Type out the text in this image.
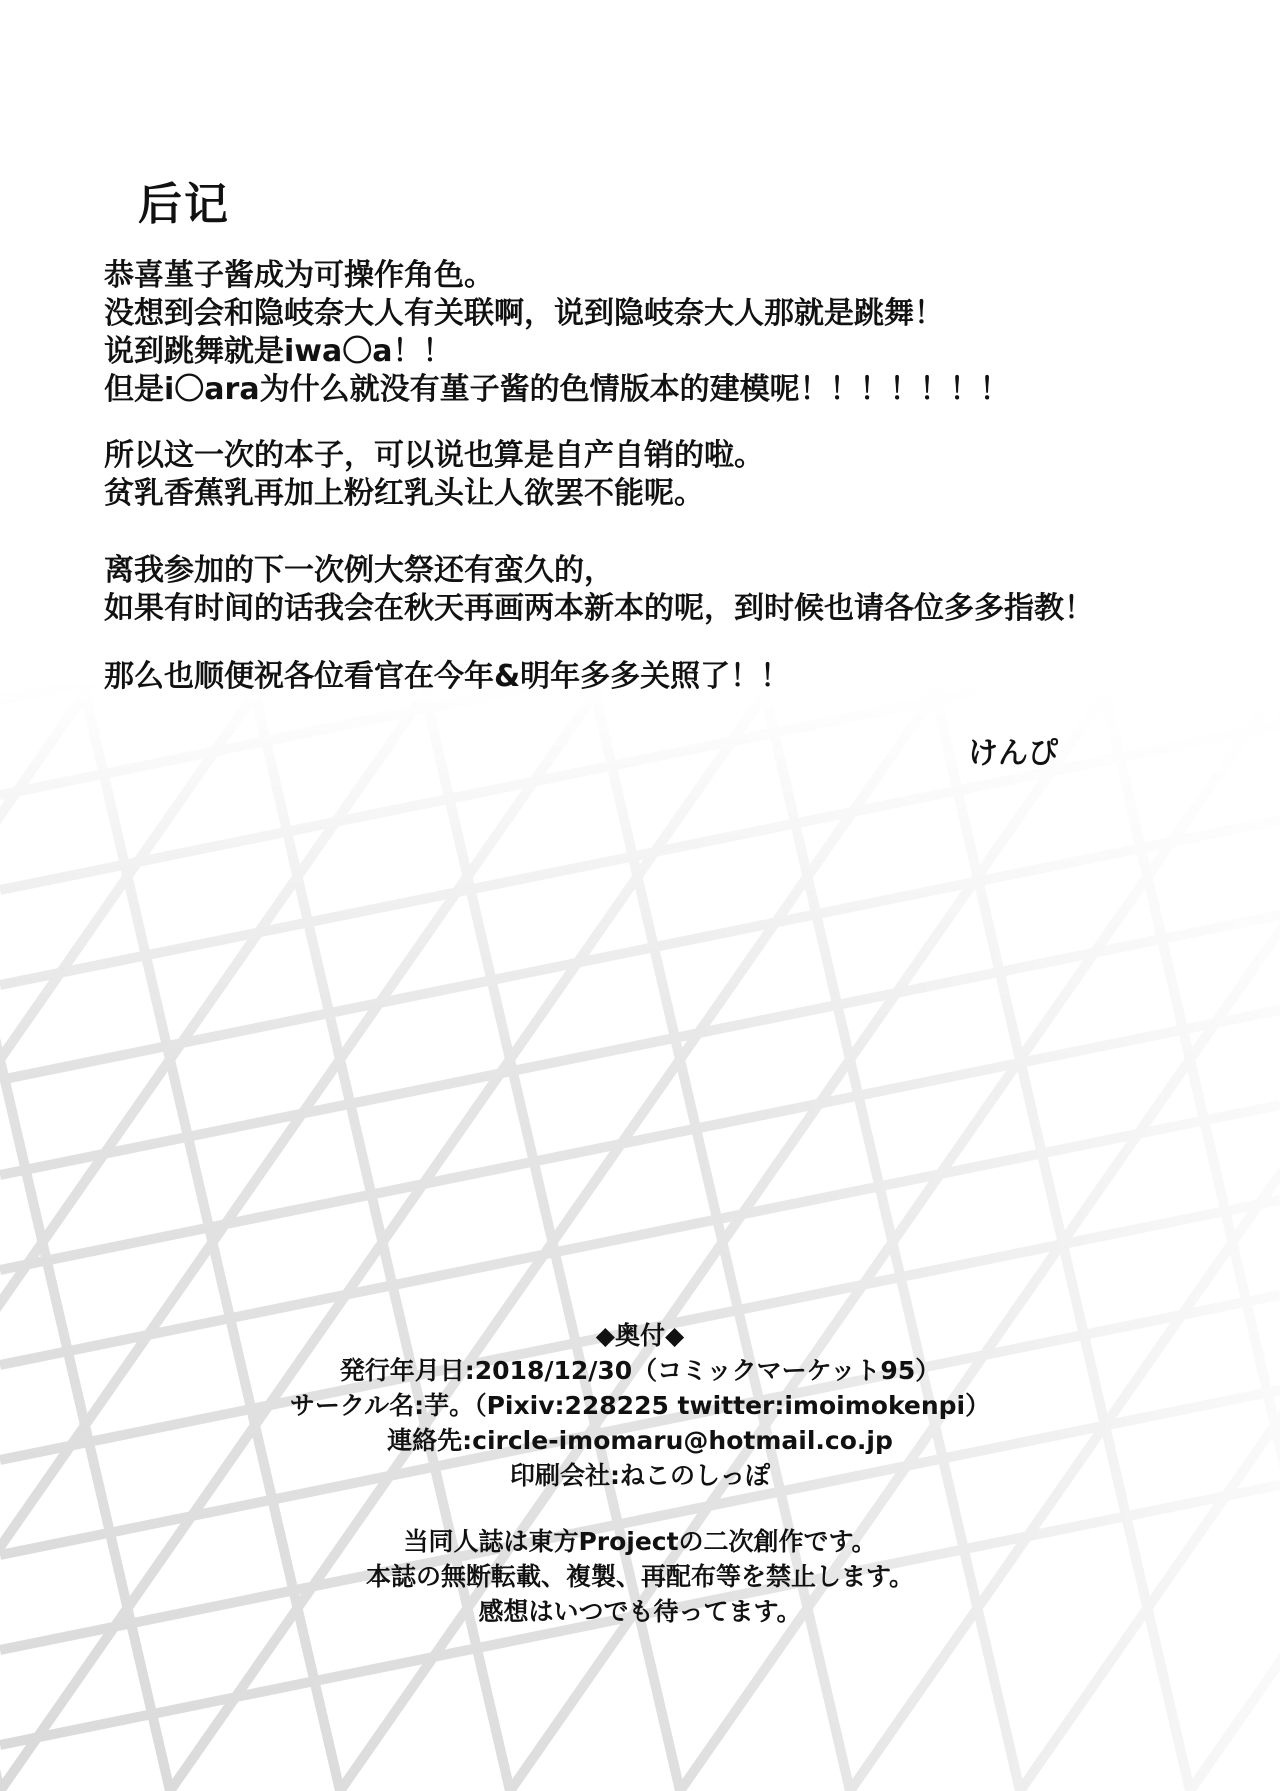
后记
恭喜堇子酱成为可操作角色。
没想到会和隐岐奈大人有关联啊，说到隐岐奈大人那就是跳舞！
说到跳舞就是iwa〇a！！
但是i〇ara为什么就没有堇子酱的色情版本的建模呢！！！！！！！
所以这一次的本子，可以说也算是自产自销的啦。
贫乳香蕉乳再加上粉红乳头让人欲罢不能呢。
离我参加的下一次例大祭还有蛮久的，
如果有时间的话我会在秋天再画两本新本的呢，到时候也请各位多多指教！
那么也顺便祝各位看官在今年&明年多多关照了！！
けんぴ
◆奥付◆
発行年月日:2018/12/30（コミックマーケット95）
サークル名:芋。（Pixiv:228225 twitter:imoimokenpi）
連絡先:circle-imomaru@hotmail.co.jp
印刷会社:ねこのしっぽ
当同人誌は東方Projectの二次創作です。
本誌の無断転載、複製、再配布等を禁止します。
感想はいつでも待ってます。
